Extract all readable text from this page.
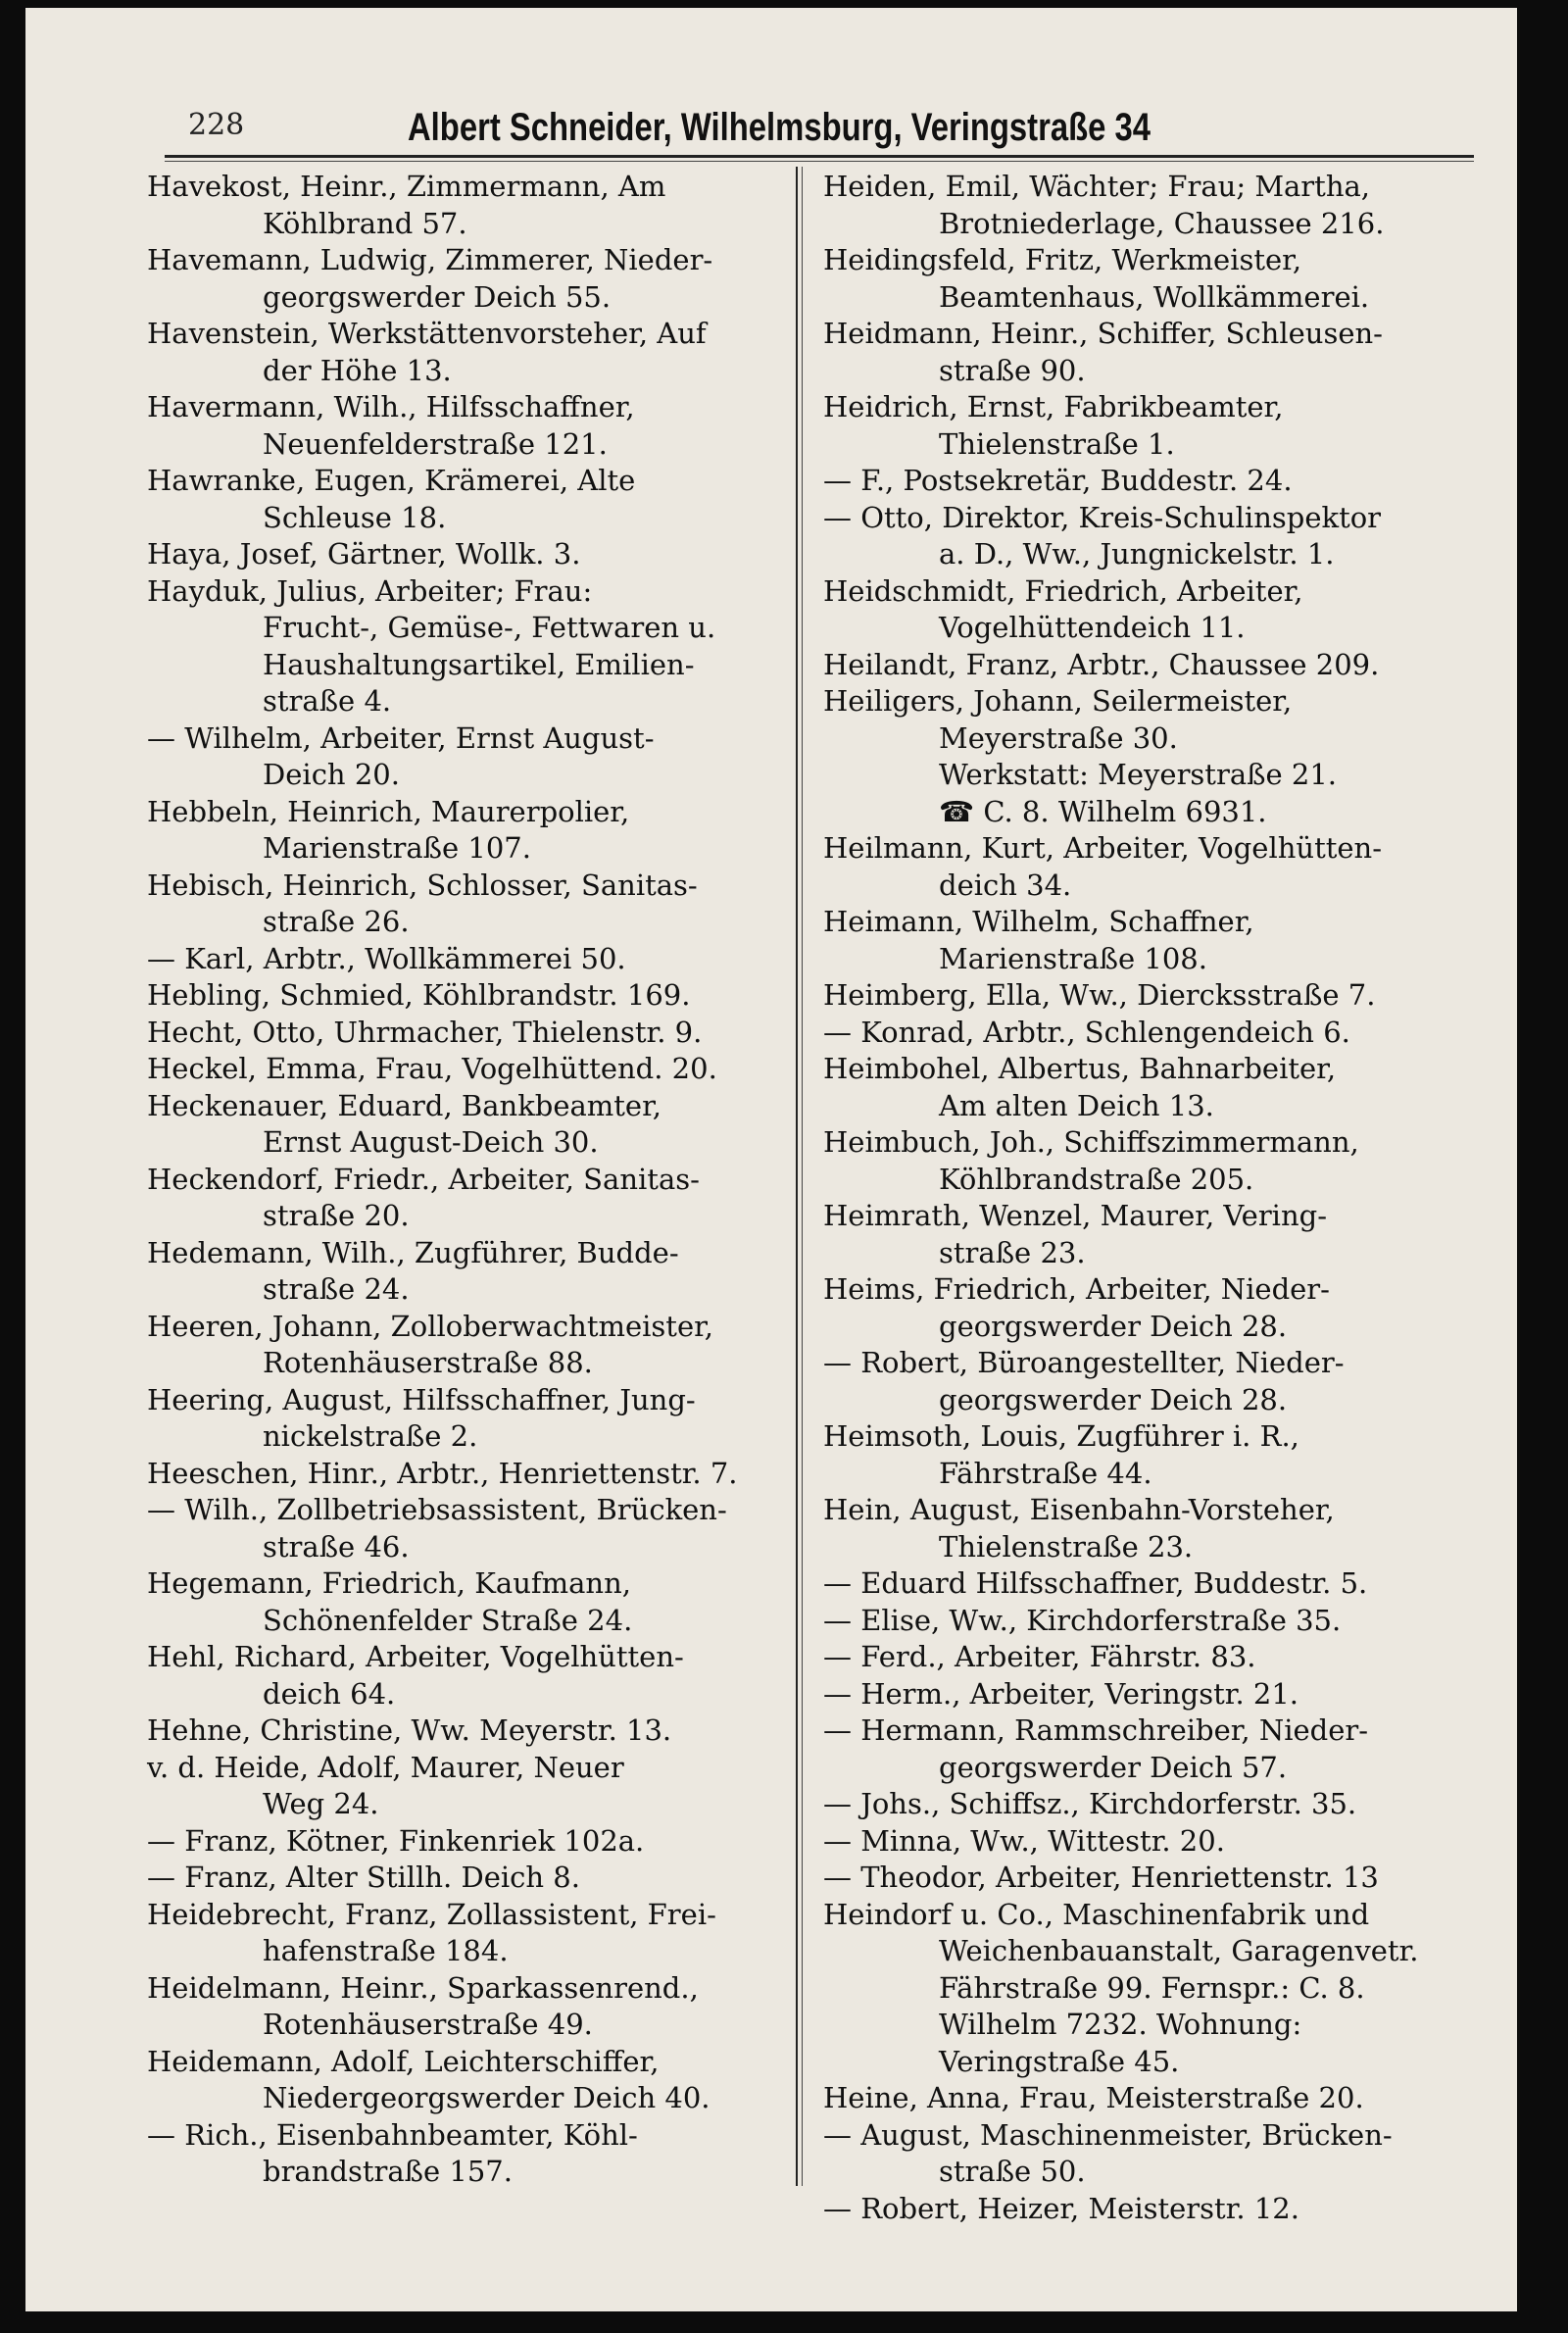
228	Albert Schneider, Wilhelmsburg, Veringstraße 34
Havekost, Heinr., Zimmermann, Am
Köhlbrand 57.
Havemann, Ludwig, Zimmerer, Nieder-
georgswerder Deich 55.
Havenstein, Werkstättenvorsteher, Auf
der Höhe 13.
Havermann, Wilh., Hilfsschaffner,
Neuenfelderstraße 121.
Hawranke, Eugen, Krämerei, Alte
Schleuse 18.
Haya, Josef, Gärtner, Wollk. 3.
Hayduk, Julius, Arbeiter; Frau:
Frucht-, Gemüse-, Fettwaren u.
Haushaltungsartikel, Emilien-
straße 4.
— Wilhelm, Arbeiter, Ernst August-
Deich 20.
Hebbeln, Heinrich, Maurerpolier,
Marienstraße 107.
Hebisch, Heinrich, Schlosser, Sanitas-
straße 26.
— Karl, Arbtr., Wollkämmerei 50.
Hebling, Schmied, Köhlbrandstr. 169.
Hecht, Otto, Uhrmacher, Thielenstr. 9.
Heckel, Emma, Frau, Vogelhüttend. 20.
Heckenauer, Eduard, Bankbeamter,
Ernst August-Deich 30.
Heckendorf, Friedr., Arbeiter, Sanitas-
straße 20.
Hedemann, Wilh., Zugführer, Budde-
straße 24.
Heeren, Johann, Zolloberwachtmeister,
Rotenhäuserstraße 88.
Heering, August, Hilfsschaffner, Jung-
nickelstraße 2.
Heeschen, Hinr., Arbtr., Henriettenstr. 7.
— Wilh., Zollbetriebsassistent, Brücken-
straße 46.
Hegemann, Friedrich, Kaufmann,
Schönenfelder Straße 24.
Hehl, Richard, Arbeiter, Vogelhütten-
deich 64.
Hehne, Christine, Ww. Meyerstr. 13.
v. d. Heide, Adolf, Maurer, Neuer
Weg 24.
— Franz, Kötner, Finkenriek 102a.
— Franz, Alter Stillh. Deich 8.
Heidebrecht, Franz, Zollassistent, Frei-
hafenstraße 184.
Heidelmann, Heinr., Sparkassenrend.,
Rotenhäuserstraße 49.
Heidemann, Adolf, Leichterschiffer,
Niedergeorgswerder Deich 40.
— Rich., Eisenbahnbeamter, Köhl-
brandstraße 157.
Heiden, Emil, Wächter; Frau; Martha,
Brotniederlage, Chaussee 216.
Heidingsfeld, Fritz, Werkmeister,
Beamtenhaus, Wollkämmerei.
Heidmann, Heinr., Schiffer, Schleusen-
straße 90.
Heidrich, Ernst, Fabrikbeamter,
Thielenstraße 1.
— F., Postsekretär, Buddestr. 24.
— Otto, Direktor, Kreis-Schulinspektor
a. D., Ww., Jungnickelstr. 1.
Heidschmidt, Friedrich, Arbeiter,
Vogelhüttendeich 11.
Heilandt, Franz, Arbtr., Chaussee 209.
Heiligers, Johann, Seilermeister,
Meyerstraße 30.
Werkstatt: Meyerstraße 21.
☎ C. 8. Wilhelm 6931.
Heilmann, Kurt, Arbeiter, Vogelhütten-
deich 34.
Heimann, Wilhelm, Schaffner,
Marienstraße 108.
Heimberg, Ella, Ww., Diercksstraße 7.
— Konrad, Arbtr., Schlengendeich 6.
Heimbohel, Albertus, Bahnarbeiter,
Am alten Deich 13.
Heimbuch, Joh., Schiffszimmermann,
Köhlbrandstraße 205.
Heimrath, Wenzel, Maurer, Vering-
straße 23.
Heims, Friedrich, Arbeiter, Nieder-
georgswerder Deich 28.
— Robert, Büroangestellter, Nieder-
georgswerder Deich 28.
Heimsoth, Louis, Zugführer i. R.,
Fährstraße 44.
Hein, August, Eisenbahn-Vorsteher,
Thielenstraße 23.
— Eduard Hilfsschaffner, Buddestr. 5.
— Elise, Ww., Kirchdorferstraße 35.
— Ferd., Arbeiter, Fährstr. 83.
— Herm., Arbeiter, Veringstr. 21.
— Hermann, Rammschreiber, Nieder-
georgswerder Deich 57.
— Johs., Schiffsz., Kirchdorferstr. 35.
— Minna, Ww., Wittestr. 20.
— Theodor, Arbeiter, Henriettenstr. 13
Heindorf u. Co., Maschinenfabrik und
Weichenbauanstalt, Garagenvetr.
Fährstraße 99. Fernspr.: C. 8.
Wilhelm 7232. Wohnung:
Veringstraße 45.
Heine, Anna, Frau, Meisterstraße 20.
— August, Maschinenmeister, Brücken-
straße 50.
— Robert, Heizer, Meisterstr. 12.
